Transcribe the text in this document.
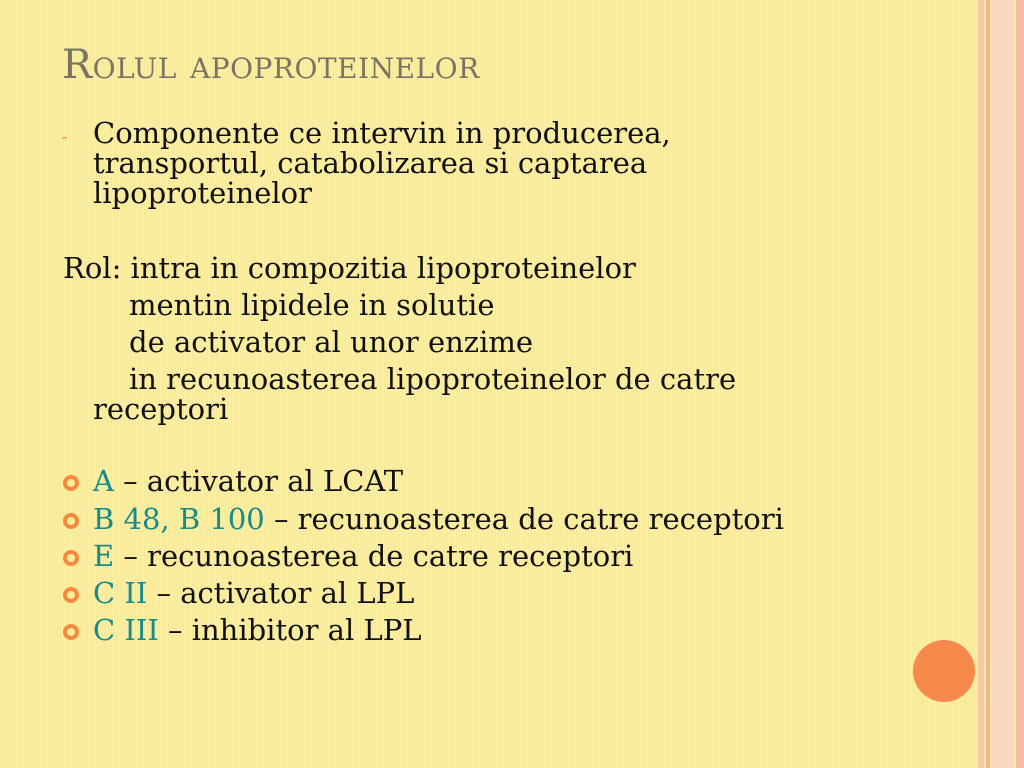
Rolul apoproteinelor
- Componente ce intervin in producerea,
transportul, catabolizarea si captarea
lipoproteinelor
Rol: intra in compozitia lipoproteinelor
mentin lipidele in solutie
de activator al unor enzime
in recunoasterea lipoproteinelor de catre
receptori
A – activator al LCAT
B 48, B 100 – recunoasterea de catre receptori
E – recunoasterea de catre receptori
C II – activator al LPL
C III – inhibitor al LPL
